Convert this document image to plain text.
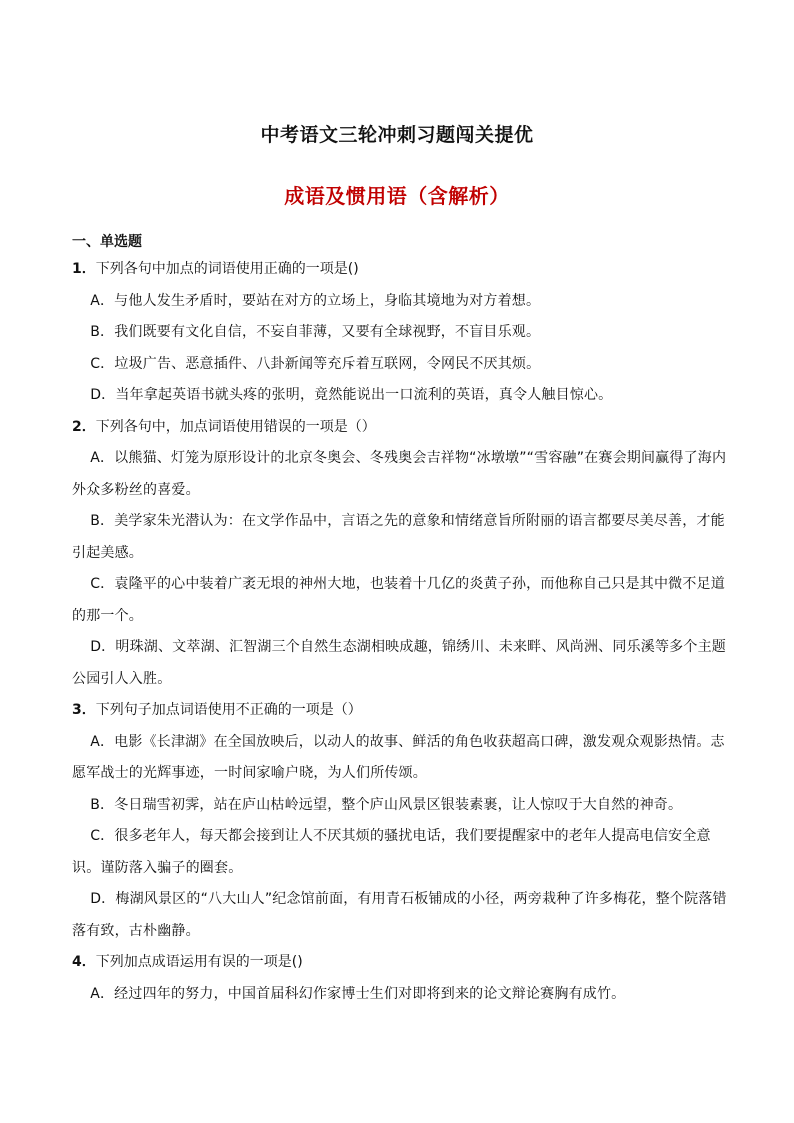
中考语文三轮冲刺习题闯关提优
成语及惯用语（含解析）
一、单选题
1．下列各句中加点的词语使用正确的一项是()
A．与他人发生矛盾时，要站在对方的立场上，身临其境地为对方着想。
B．我们既要有文化自信，不妄自菲薄，又要有全球视野，不盲目乐观。
C．垃圾广告、恶意插件、八卦新闻等充斥着互联网，令网民不厌其烦。
D．当年拿起英语书就头疼的张明，竟然能说出一口流利的英语，真令人触目惊心。
2．下列各句中，加点词语使用错误的一项是（）
A．以熊猫、灯笼为原形设计的北京冬奥会、冬残奥会吉祥物“冰墩墩”“雪容融”在赛会期间赢得了海内外众多粉丝的喜爱。
B．美学家朱光潜认为：在文学作品中，言语之先的意象和情绪意旨所附丽的语言都要尽美尽善，才能引起美感。
C．袁隆平的心中装着广袤无垠的神州大地，也装着十几亿的炎黄子孙，而他称自己只是其中微不足道的那一个。
D．明珠湖、文萃湖、汇智湖三个自然生态湖相映成趣，锦绣川、未来畔、风尚洲、同乐溪等多个主题公园引人入胜。
3．下列句子加点词语使用不正确的一项是（）
A．电影《长津湖》在全国放映后，以动人的故事、鲜活的角色收获超高口碑，激发观众观影热情。志愿军战士的光辉事迹，一时间家喻户晓，为人们所传颂。
B．冬日瑞雪初霁，站在庐山枯岭远望，整个庐山风景区银装素裹，让人惊叹于大自然的神奇。
C．很多老年人，每天都会接到让人不厌其烦的骚扰电话，我们要提醒家中的老年人提高电信安全意识。谨防落入骗子的圈套。
D．梅湖风景区的“八大山人”纪念馆前面，有用青石板铺成的小径，两旁栽种了许多梅花，整个院落错落有致，古朴幽静。
4．下列加点成语运用有误的一项是()
A．经过四年的努力，中国首届科幻作家博士生们对即将到来的论文辩论赛胸有成竹。
